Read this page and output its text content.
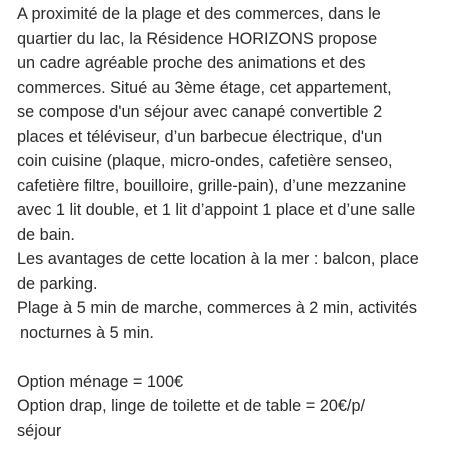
A proximité de la plage et des commerces, dans le
quartier du lac, la Résidence HORIZONS propose
un cadre agréable proche des animations et des
commerces. Situé au 3ème étage, cet appartement,
se compose d'un séjour avec canapé convertible 2
places et téléviseur, d’un barbecue électrique, d'un
coin cuisine (plaque, micro-ondes, cafetière senseo,
cafetière filtre, bouilloire, grille-pain), d’une mezzanine
avec 1 lit double, et 1 lit d’appoint 1 place et d’une salle
de bain.
Les avantages de cette location à la mer : balcon, place
de parking.
Plage à 5 min de marche, commerces à 2 min, activités
nocturnes à 5 min.
Option ménage = 100€
Option drap, linge de toilette et de table = 20€/p/
séjour
